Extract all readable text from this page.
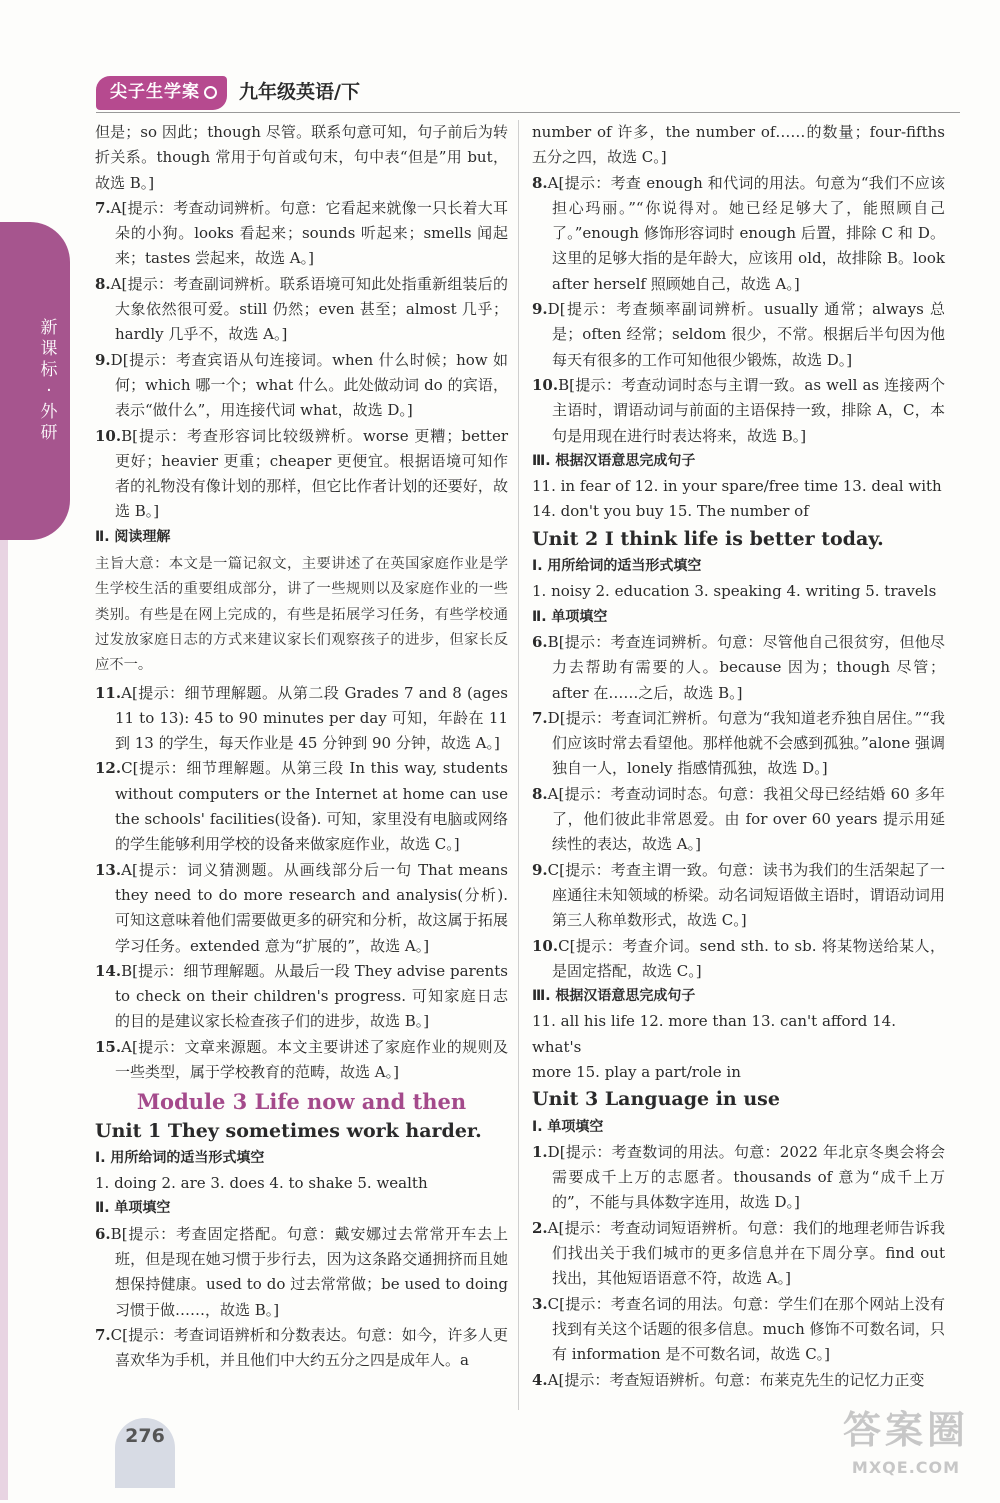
尖子生学案 九年级英语/下
新课标·外研

但是；so 因此；though 尽管。联系句意可知，句子前后为转折关系。though 常用于句首或句末，句中表“但是”用 but，故选 B。]

7.A[提示：考查动词辨析。句意：它看起来就像一只长着大耳朵的小狗。looks 看起来；sounds 听起来；smells 闻起来；tastes 尝起来，故选 A。]

8.A[提示：考查副词辨析。联系语境可知此处指重新组装后的大象依然很可爱。still 仍然；even 甚至；almost 几乎；hardly 几乎不，故选 A。]

9.D[提示：考查宾语从句连接词。when 什么时候；how 如何；which 哪一个；what 什么。此处做动词 do 的宾语，表示“做什么”，用连接代词 what，故选 D。]

10.B[提示：考查形容词比较级辨析。worse 更糟；better 更好；heavier 更重；cheaper 更便宜。根据语境可知作者的礼物没有像计划的那样，但它比作者计划的还要好，故选 B。]

Ⅱ. 阅读理解

主旨大意：本文是一篇记叙文，主要讲述了在英国家庭作业是学生学校生活的重要组成部分，讲了一些规则以及家庭作业的一些类别。有些是在网上完成的，有些是拓展学习任务，有些学校通过发放家庭日志的方式来建议家长们观察孩子的进步，但家长反应不一。

11.A[提示：细节理解题。从第二段 Grades 7 and 8 (ages 11 to 13): 45 to 90 minutes per day 可知，年龄在 11 到 13 的学生，每天作业是 45 分钟到 90 分钟，故选 A。]

12.C[提示：细节理解题。从第三段 In this way, students without computers or the Internet at home can use the schools' facilities(设备). 可知，家里没有电脑或网络的学生能够利用学校的设备来做家庭作业，故选 C。]

13.A[提示：词义猜测题。从画线部分后一句 That means they need to do more research and analysis(分析). 可知这意味着他们需要做更多的研究和分析，故这属于拓展学习任务。extended 意为“扩展的”，故选 A。]

14.B[提示：细节理解题。从最后一段 They advise parents to check on their children's progress. 可知家庭日志的目的是建议家长检查孩子们的进步，故选 B。]

15.A[提示：文章来源题。本文主要讲述了家庭作业的规则及一些类型，属于学校教育的范畴，故选 A。]

Module 3 Life now and then

Unit 1 They sometimes work harder.

Ⅰ. 用所给词的适当形式填空

1. doing 2. are 3. does 4. to shake 5. wealth

Ⅱ. 单项填空

6.B[提示：考查固定搭配。句意：戴安娜过去常常开车去上班，但是现在她习惯于步行去，因为这条路交通拥挤而且她想保持健康。used to do 过去常常做；be used to doing 习惯于做……，故选 B。]

7.C[提示：考查词语辨析和分数表达。句意：如今，许多人更喜欢华为手机，并且他们中大约五分之四是成年人。a

number of 许多，the number of……的数量；four-fifths 五分之四，故选 C。]

8.A[提示：考查 enough 和代词的用法。句意为“我们不应该担心玛丽。”“你说得对。她已经足够大了，能照顾自己了。”enough 修饰形容词时 enough 后置，排除 C 和 D。这里的足够大指的是年龄大，应该用 old，故排除 B。look after herself 照顾她自己，故选 A。]

9.D[提示：考查频率副词辨析。usually 通常；always 总是；often 经常；seldom 很少，不常。根据后半句因为他每天有很多的工作可知他很少锻炼，故选 D。]

10.B[提示：考查动词时态与主谓一致。as well as 连接两个主语时，谓语动词与前面的主语保持一致，排除 A，C，本句是用现在进行时表达将来，故选 B。]

Ⅲ. 根据汉语意思完成句子

11. in fear of 12. in your spare/free time 13. deal with

14. don't you buy 15. The number of

Unit 2 I think life is better today.

Ⅰ. 用所给词的适当形式填空

1. noisy 2. education 3. speaking 4. writing 5. travels

Ⅱ. 单项填空

6.B[提示：考查连词辨析。句意：尽管他自己很贫穷，但他尽力去帮助有需要的人。because 因为；though 尽管；after 在……之后，故选 B。]

7.D[提示：考查词汇辨析。句意为“我知道老乔独自居住。”“我们应该时常去看望他。那样他就不会感到孤独。”alone 强调独自一人，lonely 指感情孤独，故选 D。]

8.A[提示：考查动词时态。句意：我祖父母已经结婚 60 多年了，他们彼此非常恩爱。由 for over 60 years 提示用延续性的表达，故选 A。]

9.C[提示：考查主谓一致。句意：读书为我们的生活架起了一座通往未知领域的桥梁。动名词短语做主语时，谓语动词用第三人称单数形式，故选 C。]

10.C[提示：考查介词。send sth. to sb. 将某物送给某人，是固定搭配，故选 C。]

Ⅲ. 根据汉语意思完成句子

11. all his life 12. more than 13. can't afford 14. what's

more 15. play a part/role in

Unit 3 Language in use

Ⅰ. 单项填空

1.D[提示：考查数词的用法。句意：2022 年北京冬奥会将会需要成千上万的志愿者。thousands of 意为“成千上万的”，不能与具体数字连用，故选 D。]

2.A[提示：考查动词短语辨析。句意：我们的地理老师告诉我们找出关于我们城市的更多信息并在下周分享。find out 找出，其他短语语意不符，故选 A。]

3.C[提示：考查名词的用法。句意：学生们在那个网站上没有找到有关这个话题的很多信息。much 修饰不可数名词，只有 information 是不可数名词，故选 C。]

4.A[提示：考查短语辨析。句意：布莱克先生的记忆力正变

276	答案圈
MXQE.COM
